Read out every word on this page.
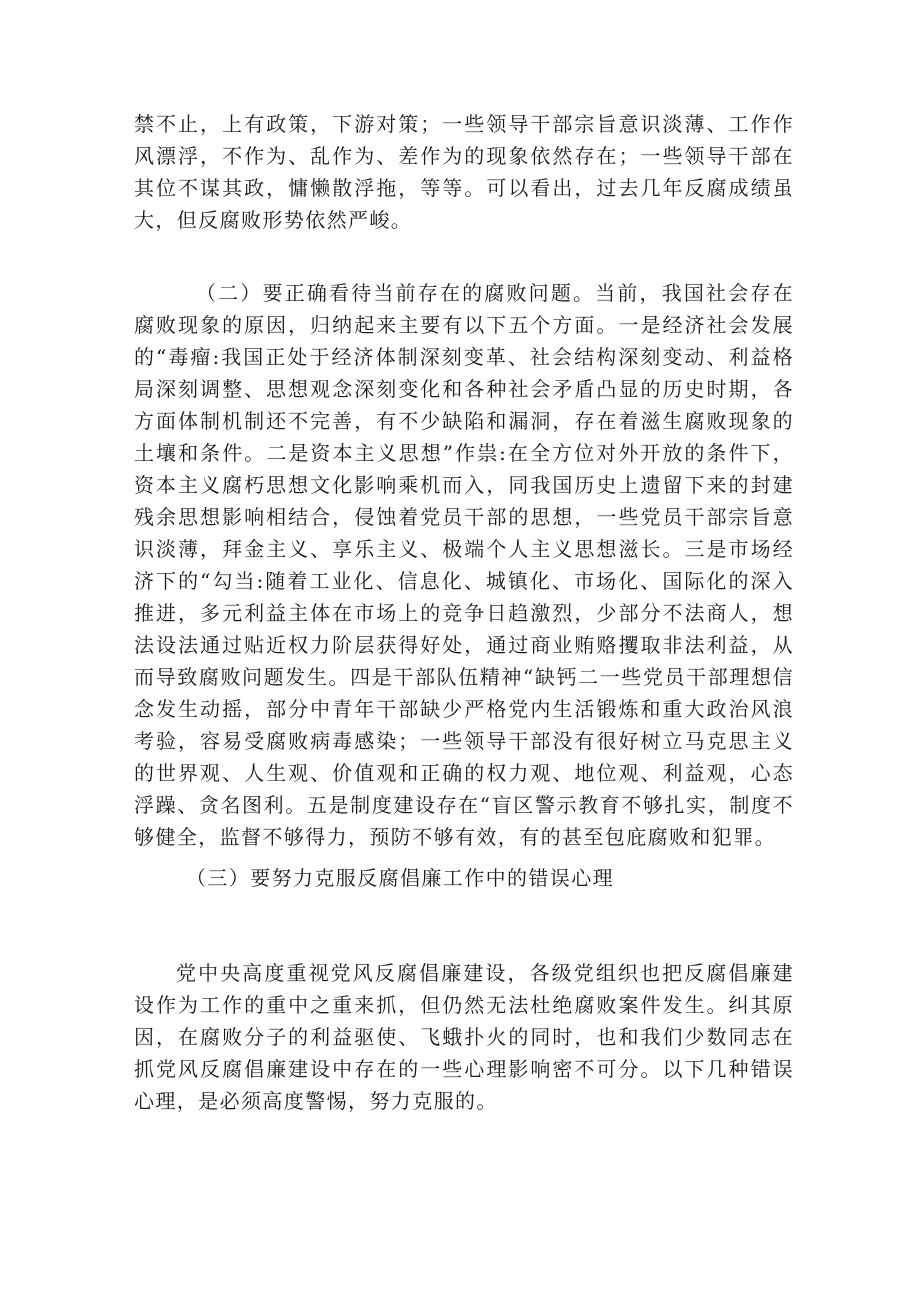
禁不止，上有政策，下游对策；一些领导干部宗旨意识淡薄、工作作风漂浮，不作为、乱作为、差作为的现象依然存在；一些领导干部在其位不谋其政，慵懒散浮拖，等等。可以看出，过去几年反腐成绩虽大，但反腐败形势依然严峻。

（二）要正确看待当前存在的腐败问题。当前，我国社会存在腐败现象的原因，归纳起来主要有以下五个方面。一是经济社会发展的“毒瘤:我国正处于经济体制深刻变革、社会结构深刻变动、利益格局深刻调整、思想观念深刻变化和各种社会矛盾凸显的历史时期，各方面体制机制还不完善，有不少缺陷和漏洞，存在着滋生腐败现象的土壤和条件。二是资本主义思想”作祟:在全方位对外开放的条件下，资本主义腐朽思想文化影响乘机而入，同我国历史上遗留下来的封建残余思想影响相结合，侵蚀着党员干部的思想，一些党员干部宗旨意识淡薄，拜金主义、享乐主义、极端个人主义思想滋长。三是市场经济下的“勾当:随着工业化、信息化、城镇化、市场化、国际化的深入推进，多元利益主体在市场上的竞争日趋激烈，少部分不法商人，想法设法通过贴近权力阶层获得好处，通过商业贿赂攫取非法利益，从而导致腐败问题发生。四是干部队伍精神“缺钙二一些党员干部理想信念发生动摇，部分中青年干部缺少严格党内生活锻炼和重大政治风浪考验，容易受腐败病毒感染；一些领导干部没有很好树立马克思主义的世界观、人生观、价值观和正确的权力观、地位观、利益观，心态浮躁、贪名图利。五是制度建设存在“盲区警示教育不够扎实，制度不够健全，监督不够得力，预防不够有效，有的甚至包庇腐败和犯罪。

（三）要努力克服反腐倡廉工作中的错误心理

党中央高度重视党风反腐倡廉建设，各级党组织也把反腐倡廉建设作为工作的重中之重来抓，但仍然无法杜绝腐败案件发生。纠其原因，在腐败分子的利益驱使、飞蛾扑火的同时，也和我们少数同志在抓党风反腐倡廉建设中存在的一些心理影响密不可分。以下几种错误心理，是必须高度警惕，努力克服的。
